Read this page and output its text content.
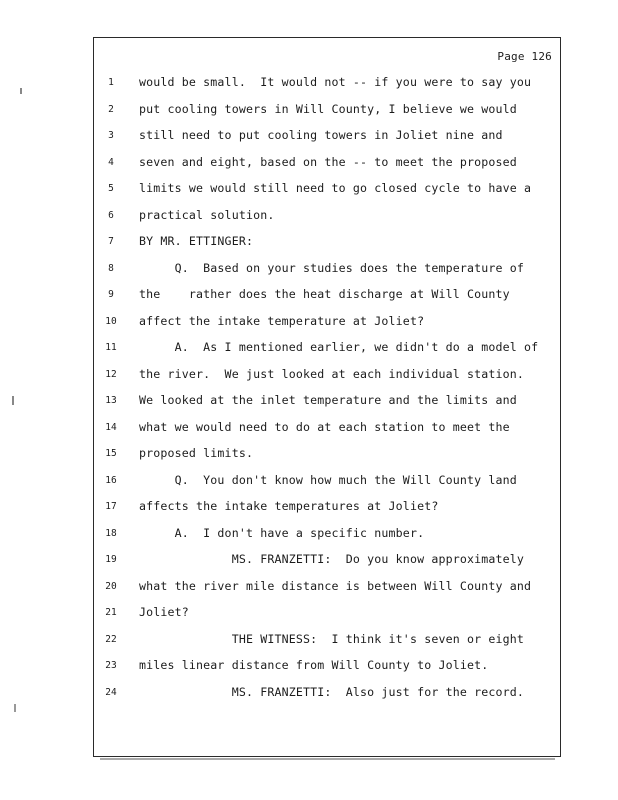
Page 126
1	would be small.  It would not -- if you were to say you
2	put cooling towers in Will County, I believe we would
3	still need to put cooling towers in Joliet nine and
4	seven and eight, based on the -- to meet the proposed
5	limits we would still need to go closed cycle to have a
6	practical solution.
7	BY MR. ETTINGER:
8	Q.  Based on your studies does the temperature of
9	the    rather does the heat discharge at Will County
10	affect the intake temperature at Joliet?
11	A.  As I mentioned earlier, we didn't do a model of
12	the river.  We just looked at each individual station.
13	We looked at the inlet temperature and the limits and
14	what we would need to do at each station to meet the
15	proposed limits.
16	Q.  You don't know how much the Will County land
17	affects the intake temperatures at Joliet?
18	A.  I don't have a specific number.
19	MS. FRANZETTI:  Do you know approximately
20	what the river mile distance is between Will County and
21	Joliet?
22	THE WITNESS:  I think it's seven or eight
23	miles linear distance from Will County to Joliet.
24	MS. FRANZETTI:  Also just for the record.
